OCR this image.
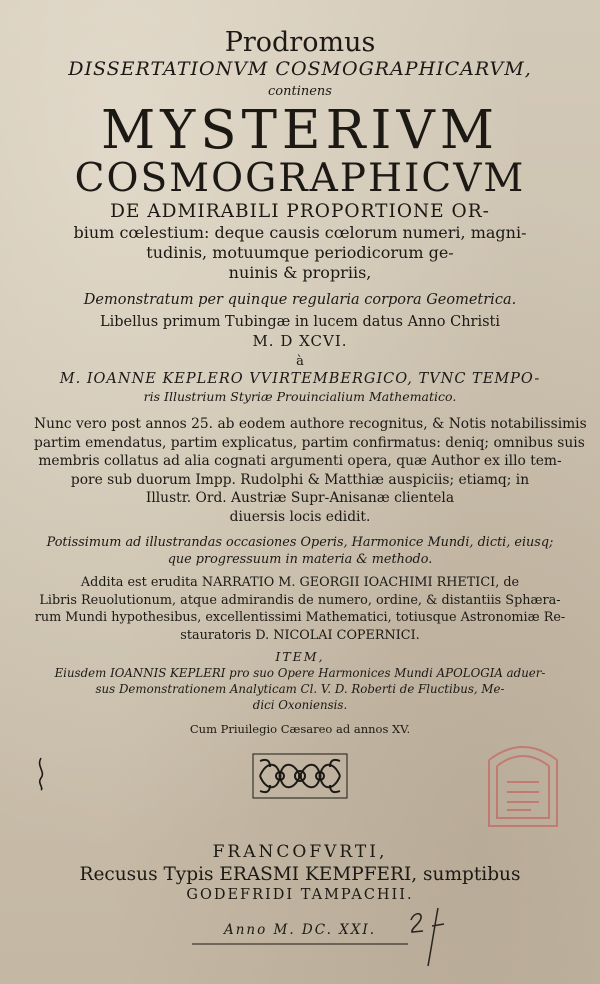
Prodromus
DISSERTATIONVM COSMOGRAPHICARVM,
continens
MYSTERIVM
COSMOGRAPHICVM
DE ADMIRABILI PROPORTIONE OR-
bium cœlestium: deque causis cœlorum numeri, magni-
tudinis, motuumque periodicorum ge-
nuinis & propriis,
Demonstratum per quinque regularia corpora Geometrica.
Libellus primum Tubingæ in lucem datus Anno Christi
M. D XCVI.
à
M. IOANNE KEPLERO VVIRTEMBERGICO, TVNC TEMPO-
ris Illustrium Styriæ Prouincialium Mathematico.
Nunc vero post annos 25. ab eodem authore recognitus, & Notis notabilissimis
partim emendatus, partim explicatus, partim confirmatus: deniq; omnibus suis
membris collatus ad alia cognati argumenti opera, quæ Author ex illo tem-
pore sub duorum Impp. Rudolphi & Matthiæ auspiciis; etiamq; in
Illustr. Ord. Austriæ Supr-Anisanæ clientela
diuersis locis edidit.
Potissimum ad illustrandas occasiones Operis, Harmonice Mundi, dicti, eiusq;
que progressuum in materia & methodo.
Addita est erudita NARRATIO M. GEORGII IOACHIMI RHETICI, de
Libris Reuolutionum, atque admirandis de numero, ordine, & distantiis Sphæra-
rum Mundi hypothesibus, excellentissimi Mathematici, totiusque Astronomiæ Re-
stauratoris D. NICOLAI COPERNICI.
ITEM,
Eiusdem IOANNIS KEPLERI pro suo Opere Harmonices Mundi APOLOGIA aduer-
sus Demonstrationem Analyticam Cl. V. D. Roberti de Fluctibus, Me-
dici Oxoniensis.
Cum Priuilegio Cæsareo ad annos XV.
FRANCOFVRTI,
Recusus Typis ERASMI KEMPFERI, sumptibus
GODEFRIDI TAMPACHII.
Anno M. DC. XXI.
